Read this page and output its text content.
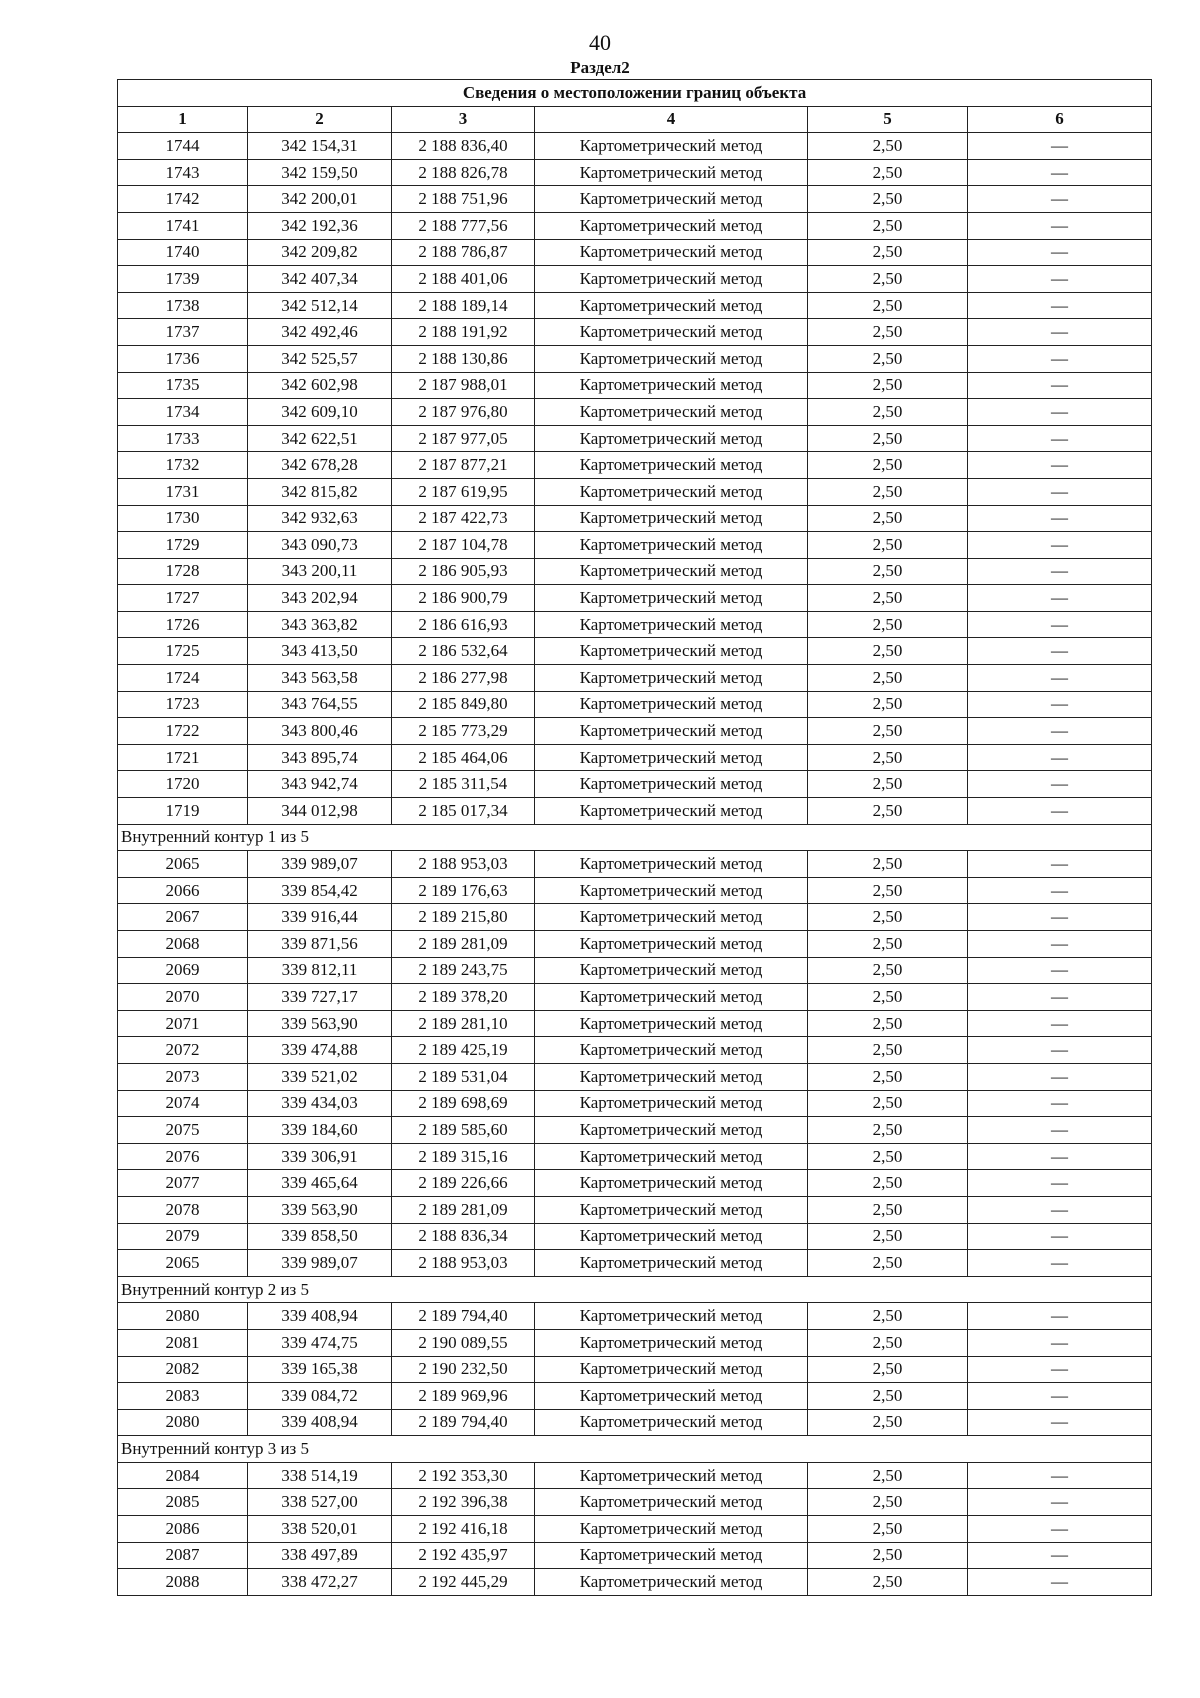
40
Раздел2
Сведения о местоположении границ объекта					
1	2	3	4	5	6
1744	342 154,31	2 188 836,40	Картометрический метод	2,50	—
1743	342 159,50	2 188 826,78	Картометрический метод	2,50	—
1742	342 200,01	2 188 751,96	Картометрический метод	2,50	—
1741	342 192,36	2 188 777,56	Картометрический метод	2,50	—
1740	342 209,82	2 188 786,87	Картометрический метод	2,50	—
1739	342 407,34	2 188 401,06	Картометрический метод	2,50	—
1738	342 512,14	2 188 189,14	Картометрический метод	2,50	—
1737	342 492,46	2 188 191,92	Картометрический метод	2,50	—
1736	342 525,57	2 188 130,86	Картометрический метод	2,50	—
1735	342 602,98	2 187 988,01	Картометрический метод	2,50	—
1734	342 609,10	2 187 976,80	Картометрический метод	2,50	—
1733	342 622,51	2 187 977,05	Картометрический метод	2,50	—
1732	342 678,28	2 187 877,21	Картометрический метод	2,50	—
1731	342 815,82	2 187 619,95	Картометрический метод	2,50	—
1730	342 932,63	2 187 422,73	Картометрический метод	2,50	—
1729	343 090,73	2 187 104,78	Картометрический метод	2,50	—
1728	343 200,11	2 186 905,93	Картометрический метод	2,50	—
1727	343 202,94	2 186 900,79	Картометрический метод	2,50	—
1726	343 363,82	2 186 616,93	Картометрический метод	2,50	—
1725	343 413,50	2 186 532,64	Картометрический метод	2,50	—
1724	343 563,58	2 186 277,98	Картометрический метод	2,50	—
1723	343 764,55	2 185 849,80	Картометрический метод	2,50	—
1722	343 800,46	2 185 773,29	Картометрический метод	2,50	—
1721	343 895,74	2 185 464,06	Картометрический метод	2,50	—
1720	343 942,74	2 185 311,54	Картометрический метод	2,50	—
1719	344 012,98	2 185 017,34	Картометрический метод	2,50	—
Внутренний контур 1 из 5					
2065	339 989,07	2 188 953,03	Картометрический метод	2,50	—
2066	339 854,42	2 189 176,63	Картометрический метод	2,50	—
2067	339 916,44	2 189 215,80	Картометрический метод	2,50	—
2068	339 871,56	2 189 281,09	Картометрический метод	2,50	—
2069	339 812,11	2 189 243,75	Картометрический метод	2,50	—
2070	339 727,17	2 189 378,20	Картометрический метод	2,50	—
2071	339 563,90	2 189 281,10	Картометрический метод	2,50	—
2072	339 474,88	2 189 425,19	Картометрический метод	2,50	—
2073	339 521,02	2 189 531,04	Картометрический метод	2,50	—
2074	339 434,03	2 189 698,69	Картометрический метод	2,50	—
2075	339 184,60	2 189 585,60	Картометрический метод	2,50	—
2076	339 306,91	2 189 315,16	Картометрический метод	2,50	—
2077	339 465,64	2 189 226,66	Картометрический метод	2,50	—
2078	339 563,90	2 189 281,09	Картометрический метод	2,50	—
2079	339 858,50	2 188 836,34	Картометрический метод	2,50	—
2065	339 989,07	2 188 953,03	Картометрический метод	2,50	—
Внутренний контур 2 из 5					
2080	339 408,94	2 189 794,40	Картометрический метод	2,50	—
2081	339 474,75	2 190 089,55	Картометрический метод	2,50	—
2082	339 165,38	2 190 232,50	Картометрический метод	2,50	—
2083	339 084,72	2 189 969,96	Картометрический метод	2,50	—
2080	339 408,94	2 189 794,40	Картометрический метод	2,50	—
Внутренний контур 3 из 5					
2084	338 514,19	2 192 353,30	Картометрический метод	2,50	—
2085	338 527,00	2 192 396,38	Картометрический метод	2,50	—
2086	338 520,01	2 192 416,18	Картометрический метод	2,50	—
2087	338 497,89	2 192 435,97	Картометрический метод	2,50	—
2088	338 472,27	2 192 445,29	Картометрический метод	2,50	—
